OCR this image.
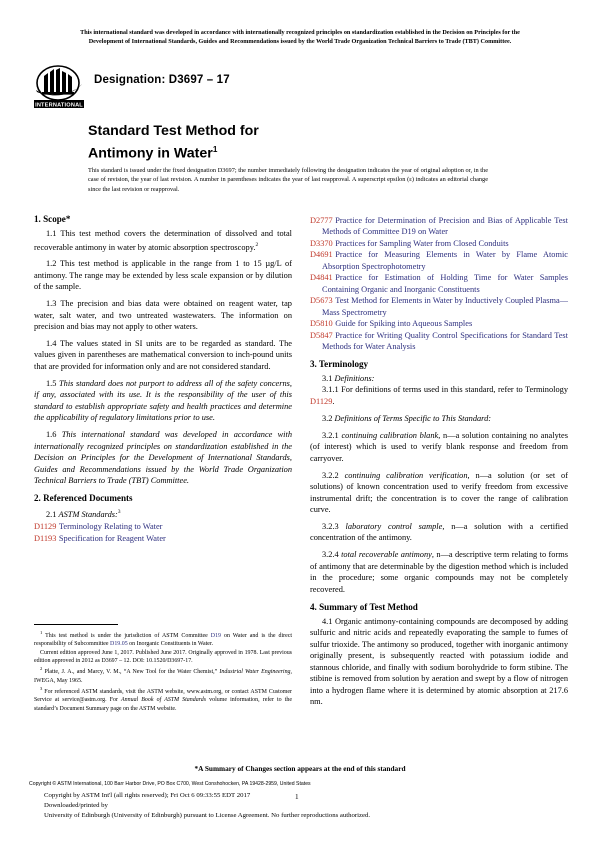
This international standard was developed in accordance with internationally recognized principles on standardization established in the Decision on Principles for the
Development of International Standards, Guides and Recommendations issued by the World Trade Organization Technical Barriers to Trade (TBT) Committee.
INTERNATIONAL
Designation: D3697 – 17
Standard Test Method for
Antimony in Water$^1$
This standard is issued under the fixed designation D3697; the number immediately following the designation indicates the year of original adoption or, in the case of revision, the year of last revision. A number in parentheses indicates the year of last reapproval. A superscript epsilon (ε) indicates an editorial change since the last revision or reapproval.
1. Scope*

1.1 This test method covers the determination of dissolved and total recoverable antimony in water by atomic absorption spectroscopy.$^2$

1.2 This test method is applicable in the range from 1 to 15 µg/L of antimony. The range may be extended by less scale expansion or by dilution of the sample.

1.3 The precision and bias data were obtained on reagent water, tap water, salt water, and two untreated wastewaters. The information on precision and bias may not apply to other waters.

1.4 The values stated in SI units are to be regarded as standard. The values given in parentheses are mathematical conversion to inch-pound units that are provided for information only and are not considered standard.

1.5 This standard does not purport to address all of the safety concerns, if any, associated with its use. It is the responsibility of the user of this standard to establish appropriate safety and health practices and determine the applicability of regulatory limitations prior to use.

1.6 This international standard was developed in accordance with internationally recognized principles on standardization established in the Decision on Principles for the Development of International Standards, Guides and Recommendations issued by the World Trade Organization Technical Barriers to Trade (TBT) Committee.

2. Referenced Documents

2.1 ASTM Standards:$^3$

D1129 Terminology Relating to Water
D1193 Specification for Reagent Water
D2777 Practice for Determination of Precision and Bias of Applicable Test Methods of Committee D19 on Water
D3370 Practices for Sampling Water from Closed Conduits
D4691 Practice for Measuring Elements in Water by Flame Atomic Absorption Spectrophotometry
D4841 Practice for Estimation of Holding Time for Water Samples Containing Organic and Inorganic Constituents
D5673 Test Method for Elements in Water by Inductively Coupled Plasma—Mass Spectrometry
D5810 Guide for Spiking into Aqueous Samples
D5847 Practice for Writing Quality Control Specifications for Standard Test Methods for Water Analysis
3. Terminology

3.1 Definitions:

3.1.1 For definitions of terms used in this standard, refer to Terminology D1129.

3.2 Definitions of Terms Specific to This Standard:

3.2.1 continuing calibration blank, n—a solution containing no analytes (of interest) which is used to verify blank response and freedom from carryover.

3.2.2 continuing calibration verification, n—a solution (or set of solutions) of known concentration used to verify freedom from excessive instrumental drift; the concentration is to cover the range of calibration curve.

3.2.3 laboratory control sample, n—a solution with a certified concentration of the antimony.

3.2.4 total recoverable antimony, n—a descriptive term relating to forms of antimony that are determinable by the digestion method which is included in the procedure; some organic compounds may not be completely recovered.

4. Summary of Test Method

4.1 Organic antimony-containing compounds are decomposed by adding sulfuric and nitric acids and repeatedly evaporating the sample to fumes of sulfur trioxide. The antimony so produced, together with inorganic antimony originally present, is subsequently reacted with potassium iodide and stannous chloride, and finally with sodium borohydride to form stibine. The stibine is removed from solution by aeration and swept by a flow of nitrogen into a hydrogen flame where it is determined by atomic absorption at 217.6 nm.

$^1$ This test method is under the jurisdiction of ASTM Committee D19 on Water and is the direct responsibility of Subcommittee D19.05 on Inorganic Constituents in Water.

Current edition approved June 1, 2017. Published June 2017. Originally approved in 1978. Last previous edition approved in 2012 as D3697 – 12. DOI: 10.1520/D3697-17.

$^2$ Platte, J. A., and Marcy, V. M., “A New Tool for the Water Chemist,” Industrial Water Engineering, IWEGA, May 1965.

$^3$ For referenced ASTM standards, visit the ASTM website, www.astm.org, or contact ASTM Customer Service at service@astm.org. For Annual Book of ASTM Standards volume information, refer to the standard’s Document Summary page on the ASTM website.

*A Summary of Changes section appears at the end of this standard
Copyright © ASTM International, 100 Barr Harbor Drive, PO Box C700, West Conshohocken, PA 19428-2959, United States
Copyright by ASTM Int'l (all rights reserved); Fri Oct 6 09:33:55 EDT 2017
Downloaded/printed by
University of Edinburgh (University of Edinburgh) pursuant to License Agreement. No further reproductions authorized.
1
